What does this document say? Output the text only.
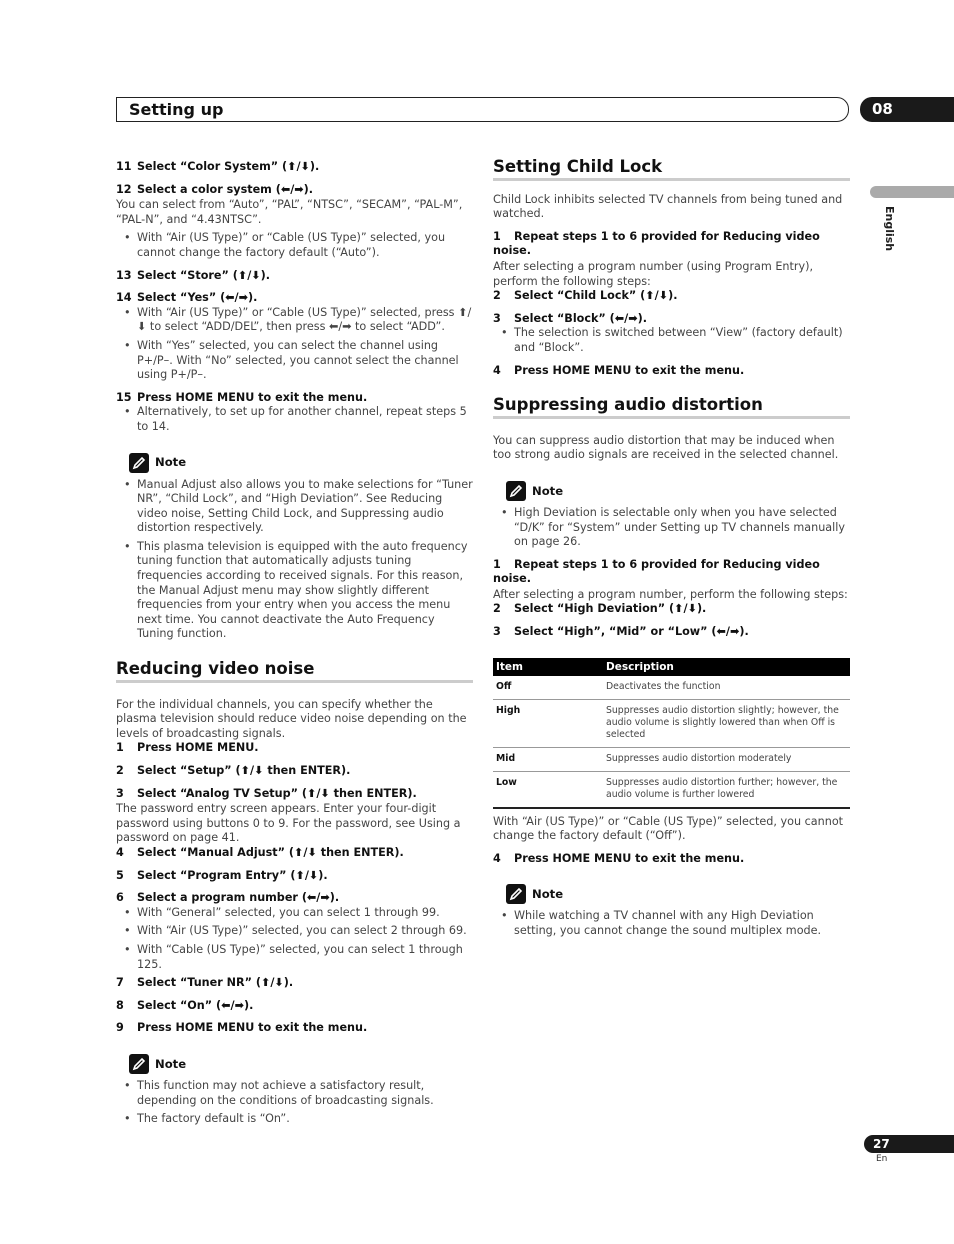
Setting up	08
English

11 Select “Color System” (⬆/⬇).

12 Select a color system (⬅/➡).

You can select from “Auto”, “PAL”, “NTSC”, “SECAM”, “PAL-M”, “PAL-N”, and “4.43NTSC”.

• With “Air (US Type)” or “Cable (US Type)” selected, you cannot change the factory default (“Auto”).

13 Select “Store” (⬆/⬇).

14 Select “Yes” (⬅/➡).

• With “Air (US Type)” or “Cable (US Type)” selected, press ⬆/⬇ to select “ADD/DEL”, then press ⬅/➡ to select “ADD”.
• With “Yes” selected, you can select the channel using P+/P–. With “No” selected, you cannot select the channel using P+/P–.

15 Press HOME MENU to exit the menu.

• Alternatively, to set up for another channel, repeat steps 5 to 14.
Note
• Manual Adjust also allows you to make selections for “Tuner NR”, “Child Lock”, and “High Deviation”. See Reducing video noise, Setting Child Lock, and Suppressing audio distortion respectively.
• This plasma television is equipped with the auto frequency tuning function that automatically adjusts tuning frequencies according to received signals. For this reason, the Manual Adjust menu may show slightly different frequencies from your entry when you access the menu next time. You cannot deactivate the Auto Frequency Tuning function.
Reducing video noise

For the individual channels, you can specify whether the plasma television should reduce video noise depending on the levels of broadcasting signals.

1 Press HOME MENU.

2 Select “Setup” (⬆/⬇ then ENTER).

3 Select “Analog TV Setup” (⬆/⬇ then ENTER).

The password entry screen appears. Enter your four-digit password using buttons 0 to 9. For the password, see Using a password on page 41.

4 Select “Manual Adjust” (⬆/⬇ then ENTER).

5 Select “Program Entry” (⬆/⬇).

6 Select a program number (⬅/➡).

• With “General” selected, you can select 1 through 99.
• With “Air (US Type)” selected, you can select 2 through 69.
• With “Cable (US Type)” selected, you can select 1 through 125.

7 Select “Tuner NR” (⬆/⬇).

8 Select “On” (⬅/➡).

9 Press HOME MENU to exit the menu.

Note
• This function may not achieve a satisfactory result, depending on the conditions of broadcasting signals.
• The factory default is “On”.
Setting Child Lock

Child Lock inhibits selected TV channels from being tuned and watched.

1 Repeat steps 1 to 6 provided for Reducing video noise.

After selecting a program number (using Program Entry), perform the following steps:

2 Select “Child Lock” (⬆/⬇).

3 Select “Block” (⬅/➡).

• The selection is switched between “View” (factory default) and “Block”.

4 Press HOME MENU to exit the menu.

Suppressing audio distortion

You can suppress audio distortion that may be induced when too strong audio signals are received in the selected channel.

Note
• High Deviation is selectable only when you have selected “D/K” for “System” under Setting up TV channels manually on page 26.

1 Repeat steps 1 to 6 provided for Reducing video noise.

After selecting a program number, perform the following steps:

2 Select “High Deviation” (⬆/⬇).

3 Select “High”, “Mid” or “Low” (⬅/➡).

Item	Description
Off	Deactivates the function
High	Suppresses audio distortion slightly; however, the audio volume is slightly lowered than when Off is selected
Mid	Suppresses audio distortion moderately
Low	Suppresses audio distortion further; however, the audio volume is further lowered

With “Air (US Type)” or “Cable (US Type)” selected, you cannot change the factory default (“Off”).

4 Press HOME MENU to exit the menu.

Note
• While watching a TV channel with any High Deviation setting, you cannot change the sound multiplex mode.
27
En
